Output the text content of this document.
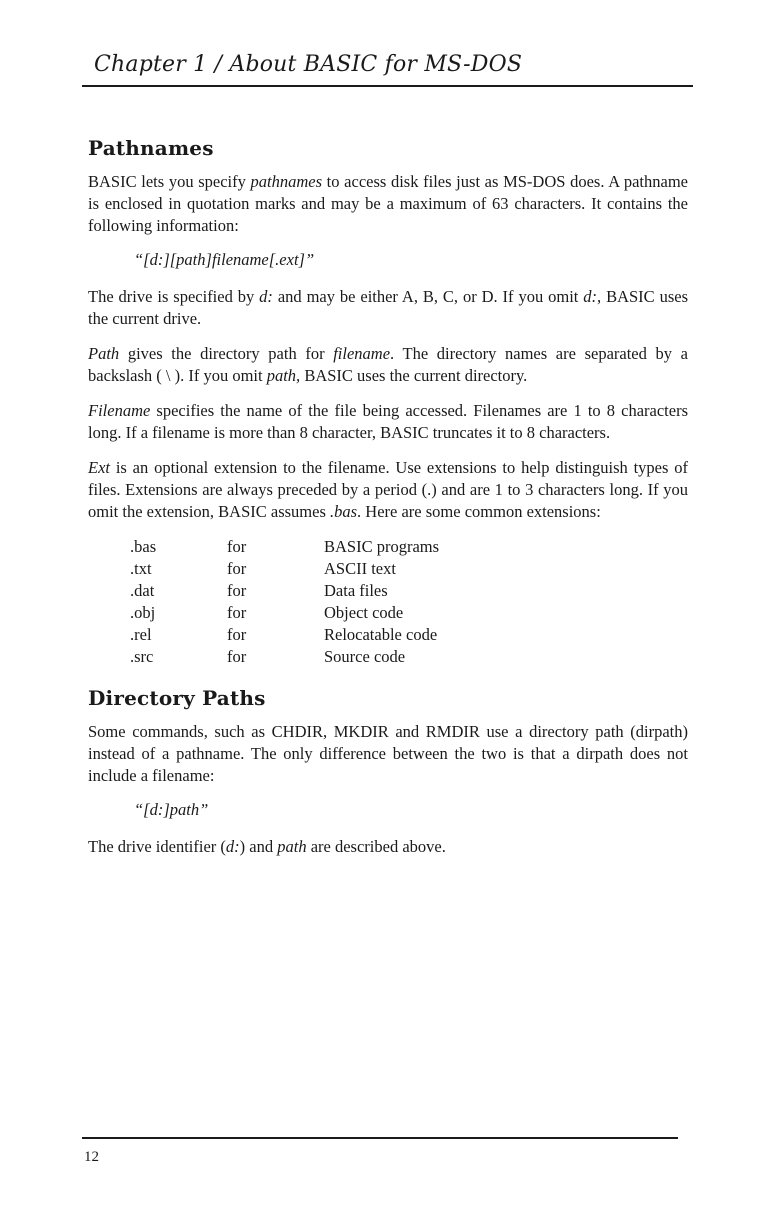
Chapter 1 / About BASIC for MS-DOS
Pathnames

BASIC lets you specify pathnames to access disk files just as MS-DOS does. A pathname is enclosed in quotation marks and may be a maximum of 63 characters. It contains the following information:

“[d:][path]filename[.ext]”

The drive is specified by d: and may be either A, B, C, or D. If you omit d:, BASIC uses the current drive.

Path gives the directory path for filename. The directory names are separated by a backslash ( \ ). If you omit path, BASIC uses the current directory.

Filename specifies the name of the file being accessed. Filenames are 1 to 8 characters long. If a filename is more than 8 character, BASIC truncates it to 8 characters.

Ext is an optional extension to the filename. Use extensions to help distinguish types of files. Extensions are always preceded by a period (.) and are 1 to 3 characters long. If you omit the extension, BASIC assumes .bas. Here are some common extensions:

.bas	for	BASIC programs
.txt	for	ASCII text
.dat	for	Data files
.obj	for	Object code
.rel	for	Relocatable code
.src	for	Source code
Directory Paths

Some commands, such as CHDIR, MKDIR and RMDIR use a directory path (dirpath) instead of a pathname. The only difference between the two is that a dirpath does not include a filename:

“[d:]path”

The drive identifier (d:) and path are described above.

12
